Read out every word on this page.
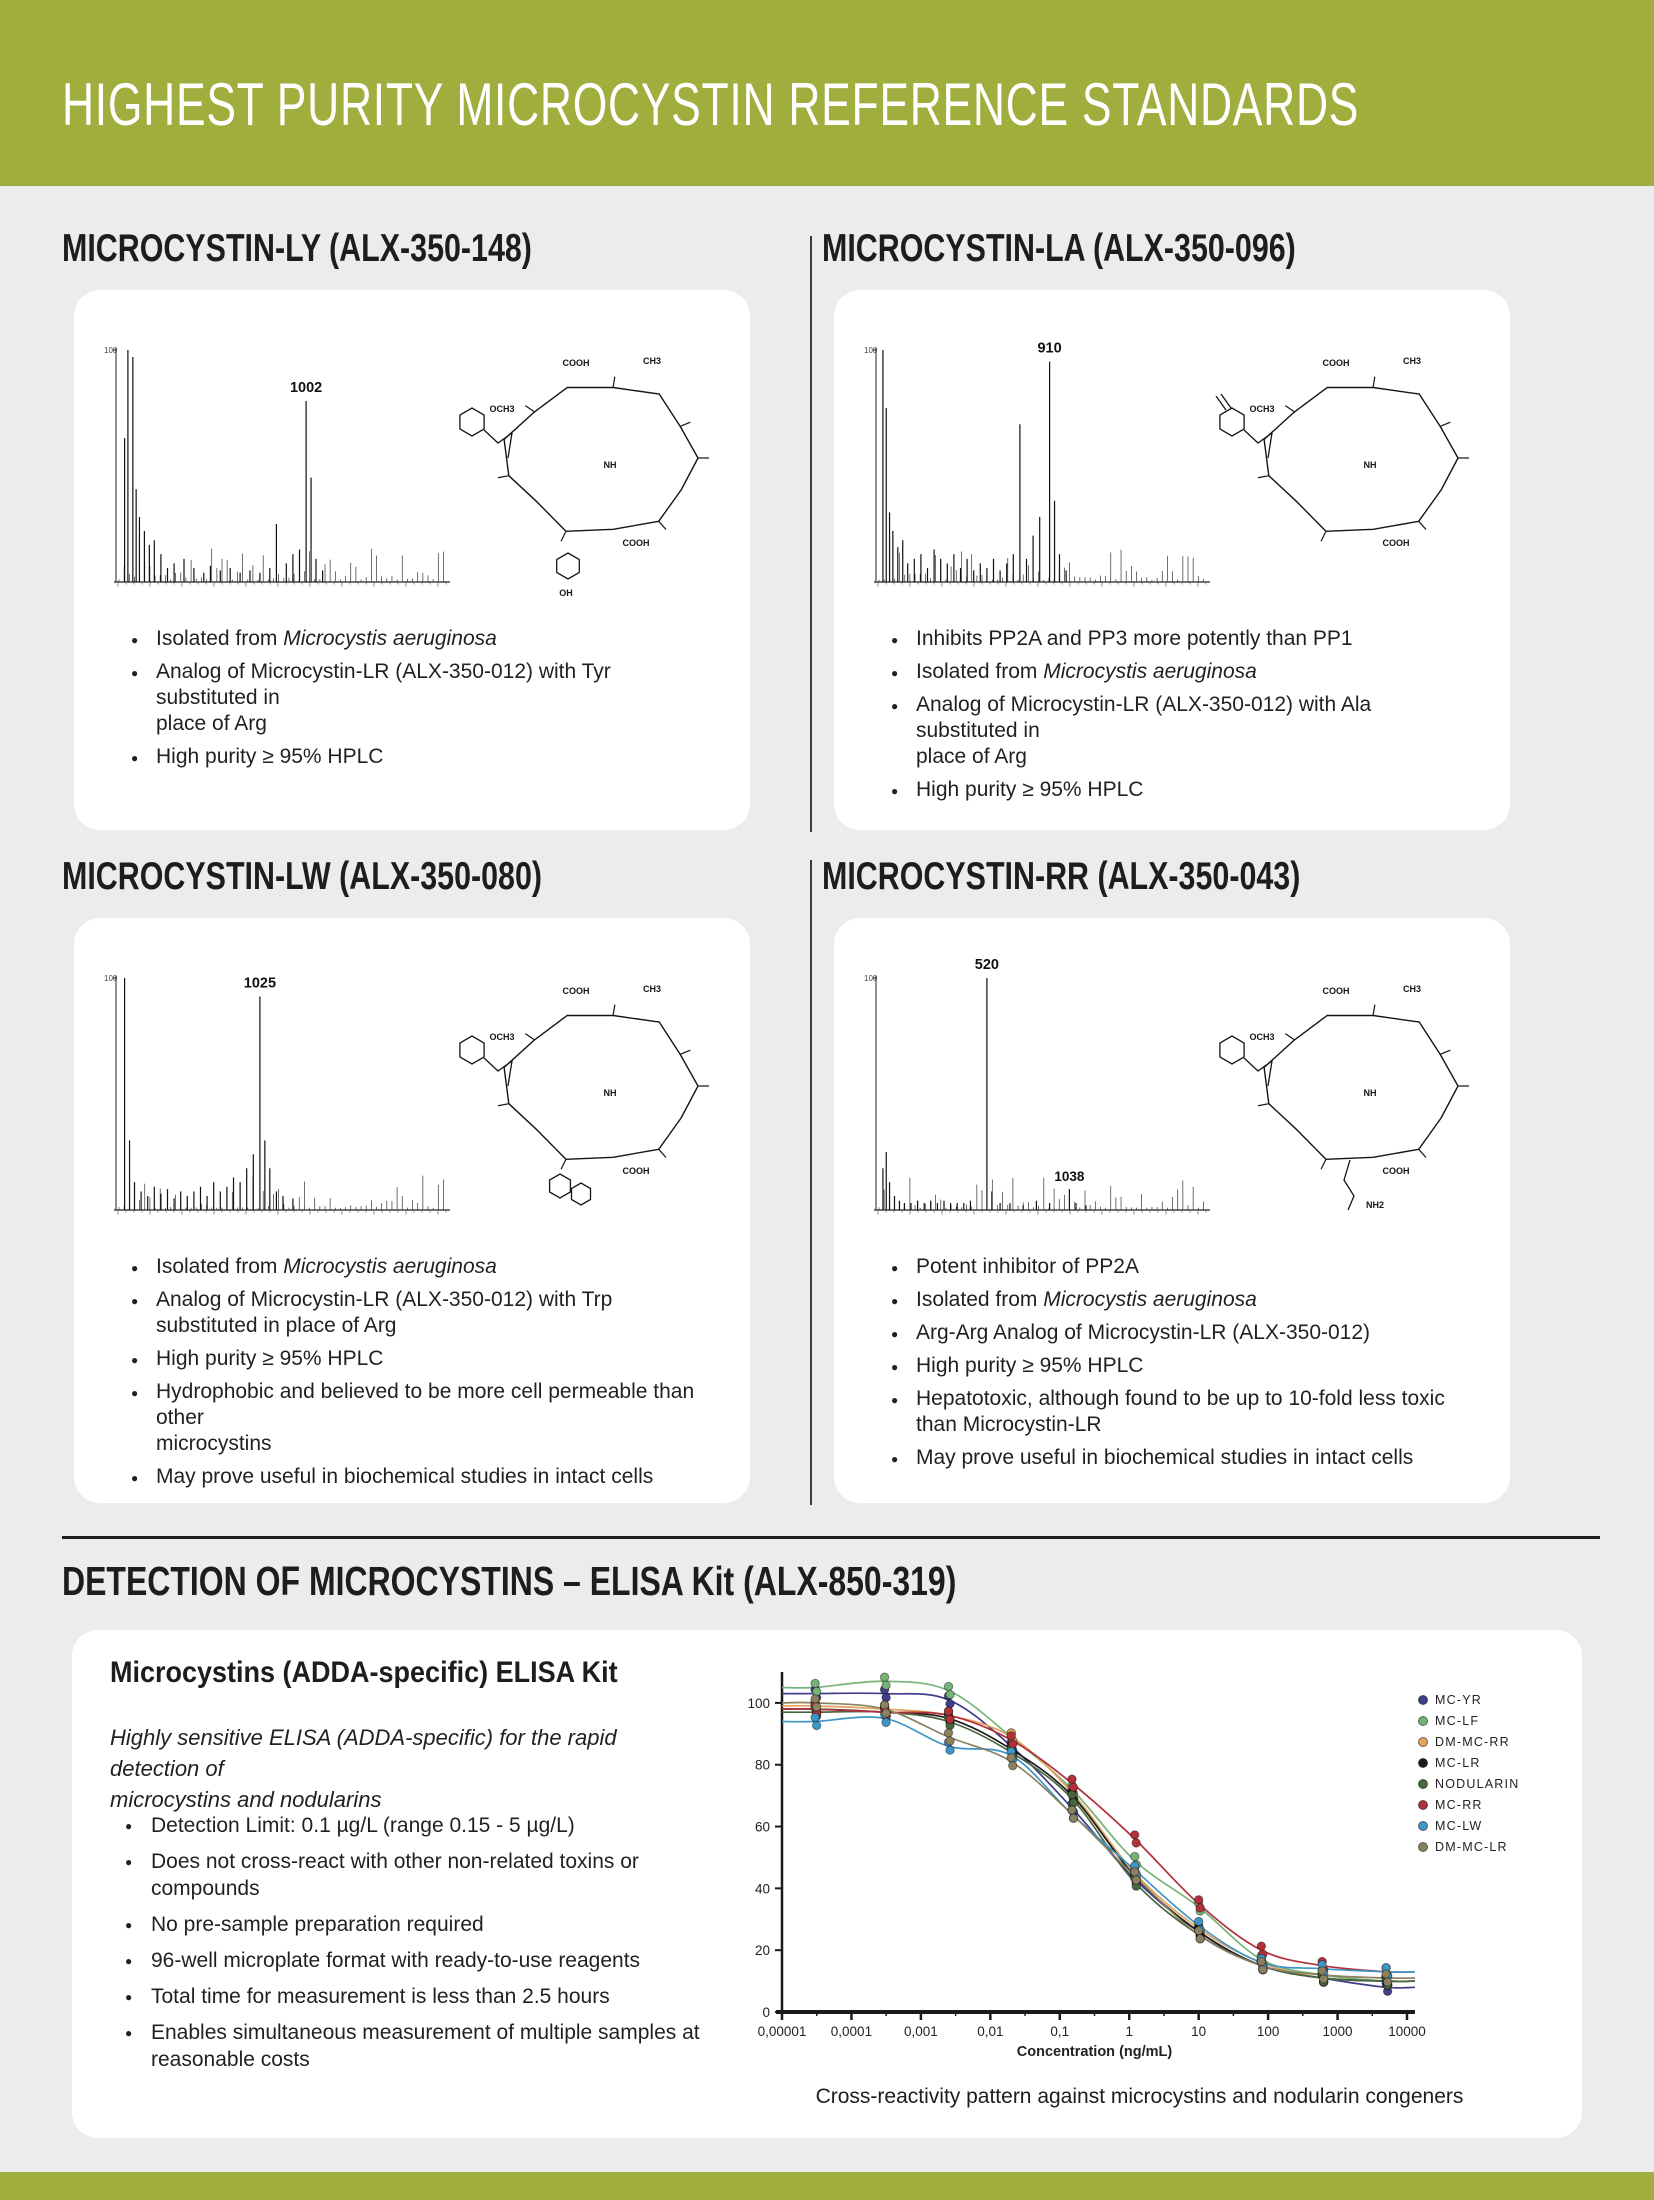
HIGHEST PURITY MICROCYSTIN REFERENCE STANDARDS
DETECTION OF MICROCYSTINS – ELISA Kit (ALX-850-319)
Microcystins (ADDA-specific) ELISA Kit
Highly sensitive ELISA (ADDA-specific) for the rapid detection of
microcystins and nodularins
● Detection Limit: 0.1 µg/L (range 0.15 - 5 µg/L)
● Does not cross-react with other non-related toxins or compounds
● No pre-sample preparation required
● 96-well microplate format with ready-to-use reagents
● Total time for measurement is less than 2.5 hours
● Enables simultaneous measurement of multiple samples at
reasonable costs
0
20
40
60
80
100
0,00001 0,0001 0,001	0,01	0,1	1	10	100	1000	10000
Concentration (ng/mL)
MC-YR
MC-LF
DM-MC-RR
MC-LR
NODULARIN
MC-RR
MC-LW
DM-MC-LR
Cross-reactivity pattern against microcystins and nodularin congeners
MICROCYSTIN-LY (ALX-350-148)
100
1002
COOH	CH3
OCH3
NH
COOH
OH
● Isolated from Microcystis aeruginosa
● Analog of Microcystin-LR (ALX-350-012) with Tyr substituted in
place of Arg
● High purity ≥ 95% HPLC
MICROCYSTIN-LA (ALX-350-096)
100	910
COOH	CH3
OCH3
NH
COOH
● Inhibits PP2A and PP3 more potently than PP1
● Isolated from Microcystis aeruginosa
● Analog of Microcystin-LR (ALX-350-012) with Ala substituted in
place of Arg
● High purity ≥ 95% HPLC
MICROCYSTIN-LW (ALX-350-080)
100	1025	COOH	CH3
OCH3
NH
COOH
● Isolated from Microcystis aeruginosa
● Analog of Microcystin-LR (ALX-350-012) with Trp
substituted in place of Arg
● High purity ≥ 95% HPLC
● Hydrophobic and believed to be more cell permeable than other
microcystins
● May prove useful in biochemical studies in intact cells
MICROCYSTIN-RR (ALX-350-043)
100
520
1038
COOH	CH3
OCH3
NH
COOH
NH2
● Potent inhibitor of PP2A
● Isolated from Microcystis aeruginosa
● Arg-Arg Analog of Microcystin-LR (ALX-350-012)
● High purity ≥ 95% HPLC
● Hepatotoxic, although found to be up to 10-fold less toxic
than Microcystin-LR
● May prove useful in biochemical studies in intact cells
